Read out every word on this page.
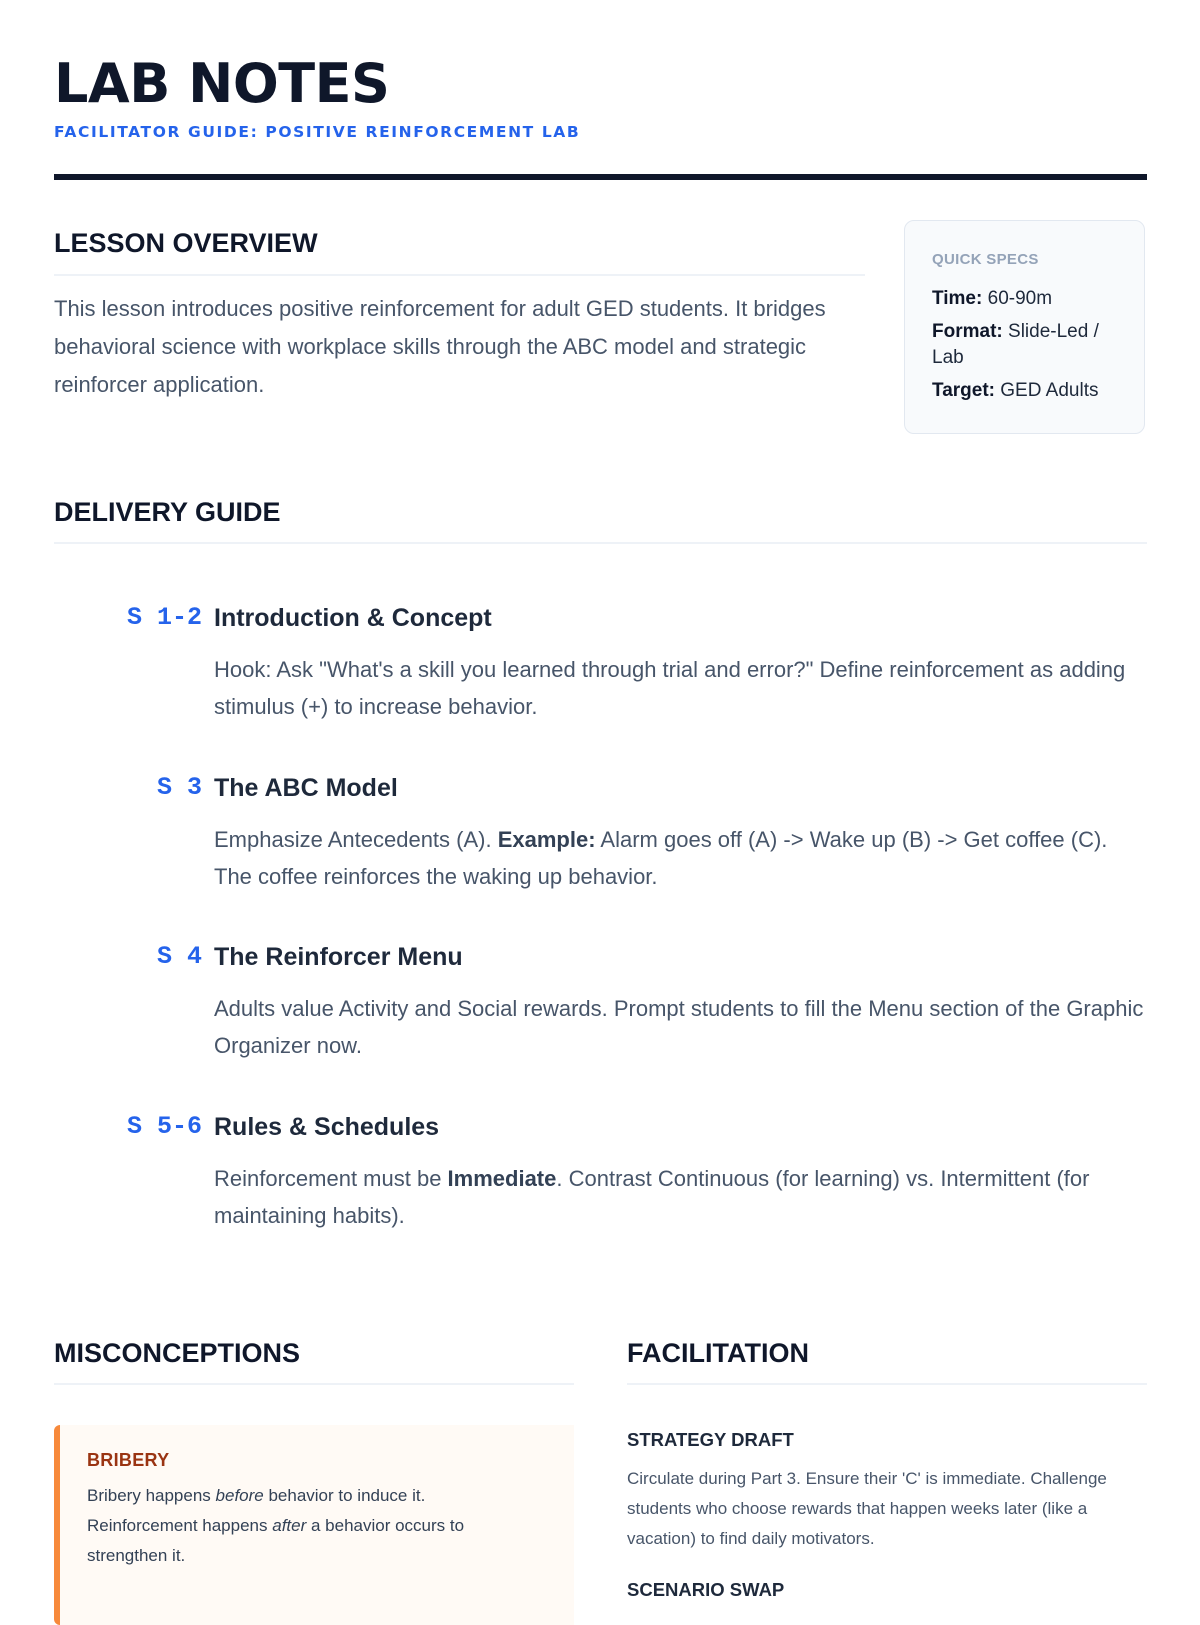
LAB NOTES
FACILITATOR GUIDE: POSITIVE REINFORCEMENT LAB
LESSON OVERVIEW

This lesson introduces positive reinforcement for adult GED students. It bridges behavioral science with workplace skills through the ABC model and strategic reinforcer application.

QUICK SPECS
Time: 60-90m
Format: Slide-Led / Lab
Target: GED Adults
DELIVERY GUIDE
S 1-2 Introduction & Concept

Hook: Ask "What's a skill you learned through trial and error?" Define reinforcement as adding stimulus (+) to increase behavior.

S 3 The ABC Model

Emphasize Antecedents (A). Example: Alarm goes off (A) -> Wake up (B) -> Get coffee (C). The coffee reinforces the waking up behavior.

S 4 The Reinforcer Menu

Adults value Activity and Social rewards. Prompt students to fill the Menu section of the Graphic Organizer now.

S 5-6 Rules & Schedules

Reinforcement must be Immediate. Contrast Continuous (for learning) vs. Intermittent (for maintaining habits).

MISCONCEPTIONS
BRIBERY

Bribery happens before behavior to induce it. Reinforcement happens after a behavior occurs to strengthen it.

FACILITATION
STRATEGY DRAFT

Circulate during Part 3. Ensure their 'C' is immediate. Challenge students who choose rewards that happen weeks later (like a vacation) to find daily motivators.

SCENARIO SWAP
